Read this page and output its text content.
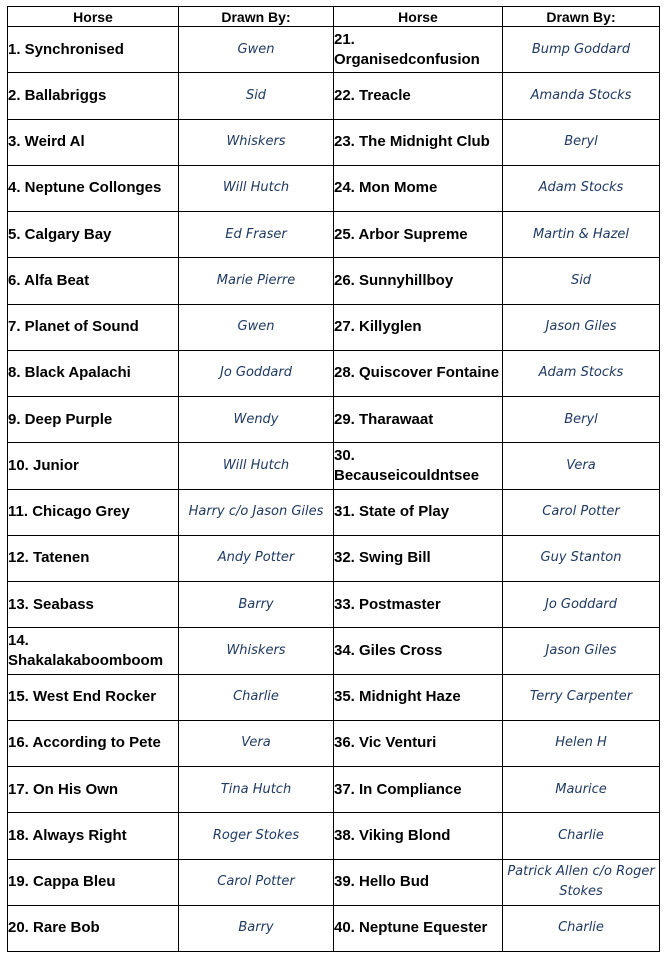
Horse	Drawn By:	Horse	Drawn By:
1. Synchronised	Gwen	21. Organisedconfusion	Bump Goddard
2. Ballabriggs	Sid	22. Treacle	Amanda Stocks
3. Weird Al	Whiskers	23. The Midnight Club	Beryl
4. Neptune Collonges	Will Hutch	24. Mon Mome	Adam Stocks
5. Calgary Bay	Ed Fraser	25. Arbor Supreme	Martin & Hazel
6. Alfa Beat	Marie Pierre	26. Sunnyhillboy	Sid
7. Planet of Sound	Gwen	27. Killyglen	Jason Giles
8. Black Apalachi	Jo Goddard	28. Quiscover Fontaine	Adam Stocks
9. Deep Purple	Wendy	29. Tharawaat	Beryl
10. Junior	Will Hutch	30. Becauseicouldntsee	Vera
11. Chicago Grey	Harry c/o Jason Giles	31. State of Play	Carol Potter
12. Tatenen	Andy Potter	32. Swing Bill	Guy Stanton
13. Seabass	Barry	33. Postmaster	Jo Goddard
14. Shakalakaboomboom	Whiskers	34. Giles Cross	Jason Giles
15. West End Rocker	Charlie	35. Midnight Haze	Terry Carpenter
16. According to Pete	Vera	36. Vic Venturi	Helen H
17. On His Own	Tina Hutch	37. In Compliance	Maurice
18. Always Right	Roger Stokes	38. Viking Blond	Charlie
19. Cappa Bleu	Carol Potter	39. Hello Bud	Patrick Allen c/o Roger Stokes
20. Rare Bob	Barry	40. Neptune Equester	Charlie
